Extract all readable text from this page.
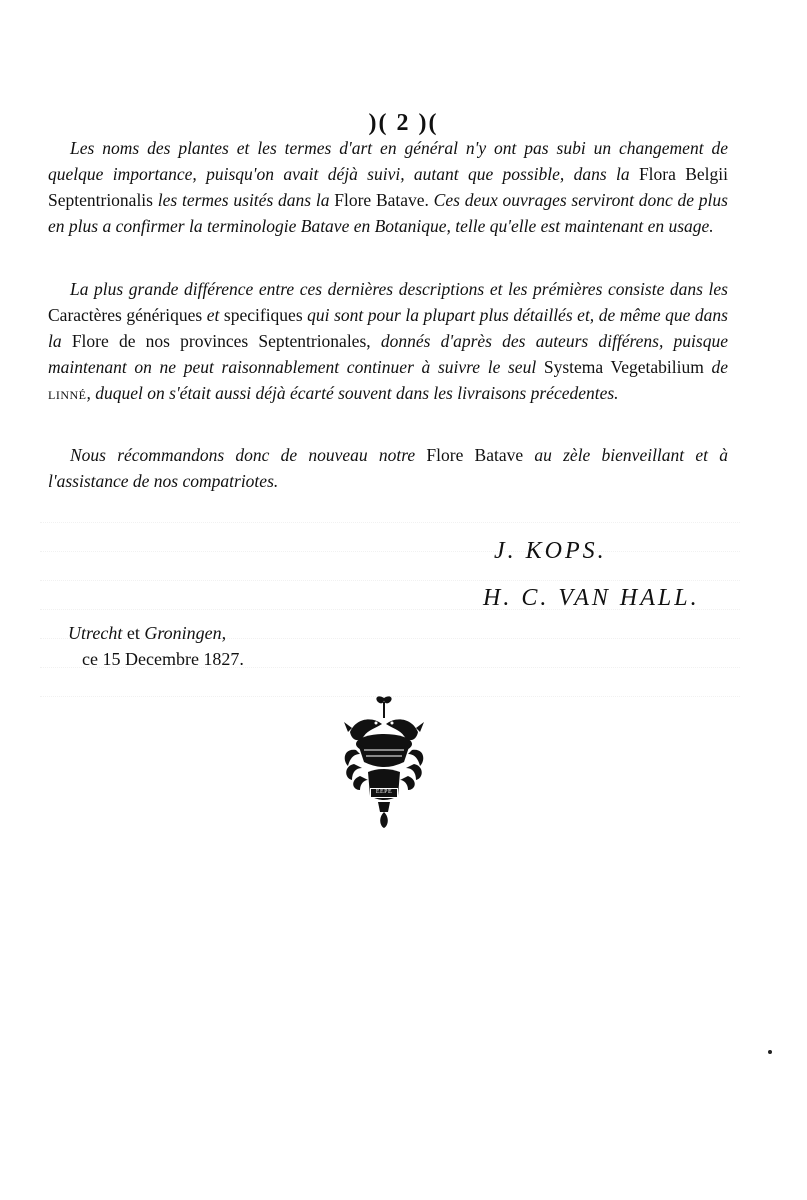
)( 2 )(

Les noms des plantes et les termes d'art en général n'y ont pas subi un changement de quelque importance, puisqu'on avait déjà suivi, autant que possible, dans la Flora Belgii Septentrionalis les termes usités dans la Flore Batave. Ces deux ouvrages serviront donc de plus en plus a confirmer la terminologie Batave en Botanique, telle qu'elle est maintenant en usage.

La plus grande différence entre ces dernières descriptions et les prémières consiste dans les Caractères génériques et specifiques qui sont pour la plupart plus détaillés et, de même que dans la Flore de nos provinces Septentrionales, donnés d'après des auteurs différens, puisque maintenant on ne peut raisonnablement continuer à suivre le seul Systema Vegetabilium de linné, duquel on s'était aussi déjà écarté souvent dans les livraisons précedentes.

Nous récommandons donc de nouveau notre Flore Batave au zèle bienveillant et à l'assistance de nos compatriotes.

J. KOPS.
H. C. VAN HALL.
Utrecht et Groningen,
ce 15 Decembre 1827.
EEPE
